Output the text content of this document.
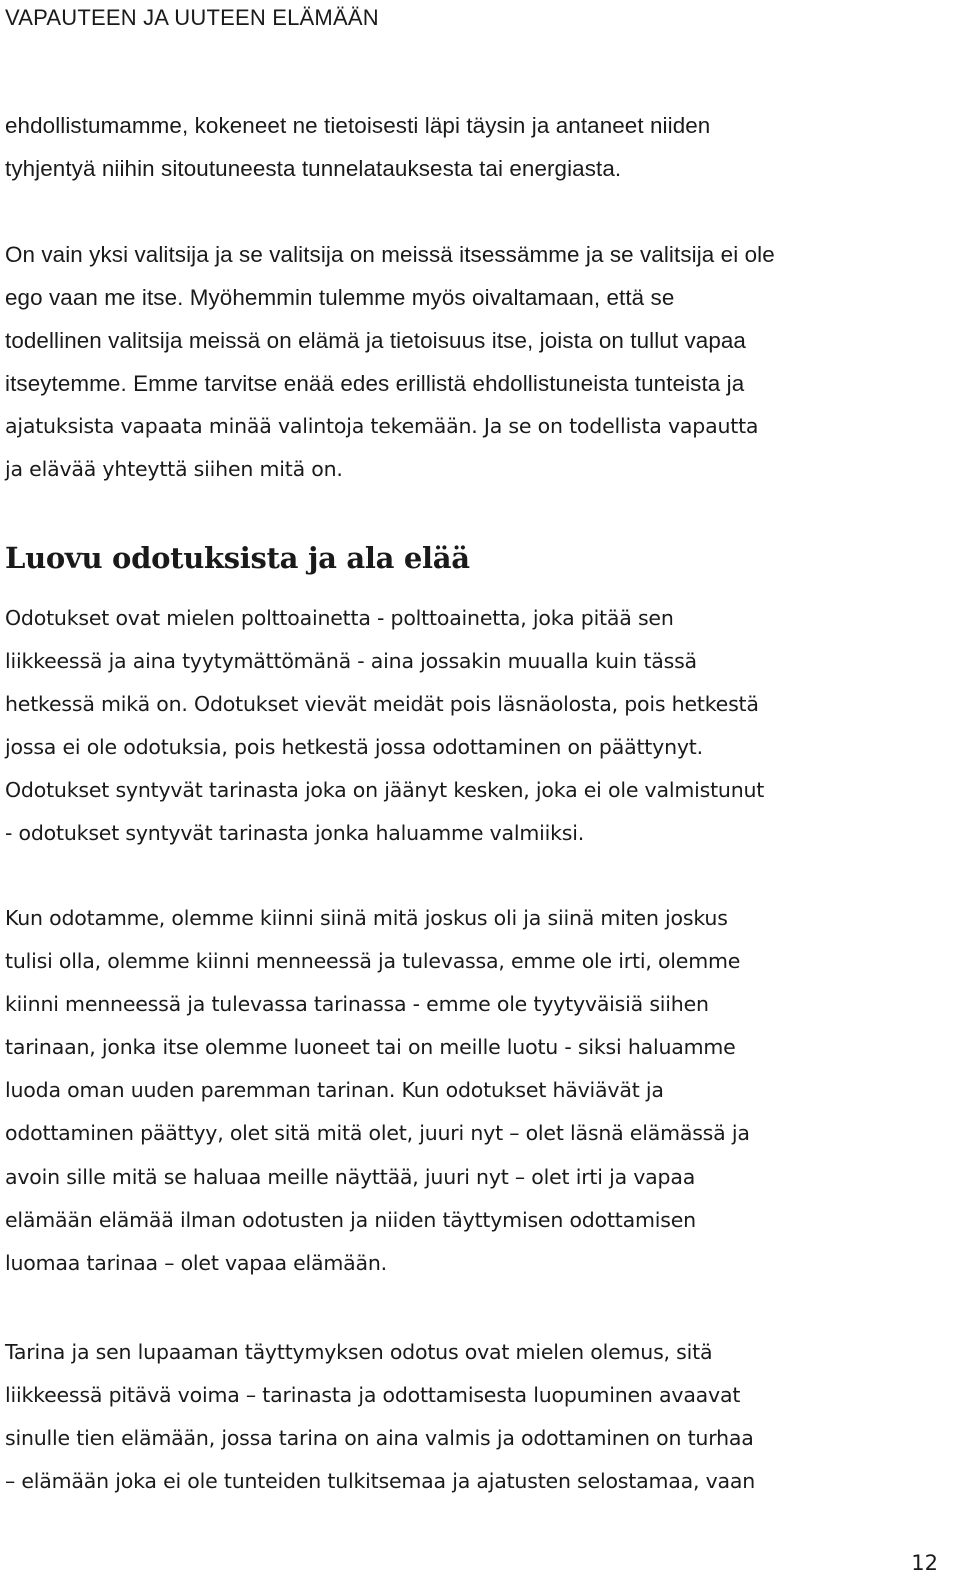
VAPAUTEEN JA UUTEEN ELÄMÄÄN

ehdollistumamme, kokeneet ne tietoisesti läpi täysin ja antaneet niiden
tyhjentyä niihin sitoutuneesta tunnelatauksesta tai energiasta.

On vain yksi valitsija ja se valitsija on meissä itsessämme ja se valitsija ei ole
ego vaan me itse. Myöhemmin tulemme myös oivaltamaan, että se
todellinen valitsija meissä on elämä ja tietoisuus itse, joista on tullut vapaa
itseytemme. Emme tarvitse enää edes erillistä ehdollistuneista tunteista ja
ajatuksista vapaata minää valintoja tekemään. Ja se on todellista vapautta
ja elävää yhteyttä siihen mitä on.

Luovu odotuksista ja ala elää

Odotukset ovat mielen polttoainetta - polttoainetta, joka pitää sen
liikkeessä ja aina tyytymättömänä - aina jossakin muualla kuin tässä
hetkessä mikä on. Odotukset vievät meidät pois läsnäolosta, pois hetkestä
jossa ei ole odotuksia, pois hetkestä jossa odottaminen on päättynyt.
Odotukset syntyvät tarinasta joka on jäänyt kesken, joka ei ole valmistunut
- odotukset syntyvät tarinasta jonka haluamme valmiiksi.

Kun odotamme, olemme kiinni siinä mitä joskus oli ja siinä miten joskus
tulisi olla, olemme kiinni menneessä ja tulevassa, emme ole irti, olemme
kiinni menneessä ja tulevassa tarinassa - emme ole tyytyväisiä siihen
tarinaan, jonka itse olemme luoneet tai on meille luotu - siksi haluamme
luoda oman uuden paremman tarinan. Kun odotukset häviävät ja
odottaminen päättyy, olet sitä mitä olet, juuri nyt – olet läsnä elämässä ja
avoin sille mitä se haluaa meille näyttää, juuri nyt – olet irti ja vapaa
elämään elämää ilman odotusten ja niiden täyttymisen odottamisen
luomaa tarinaa – olet vapaa elämään.

Tarina ja sen lupaaman täyttymyksen odotus ovat mielen olemus, sitä
liikkeessä pitävä voima – tarinasta ja odottamisesta luopuminen avaavat
sinulle tien elämään, jossa tarina on aina valmis ja odottaminen on turhaa
– elämään joka ei ole tunteiden tulkitsemaa ja ajatusten selostamaa, vaan

12
